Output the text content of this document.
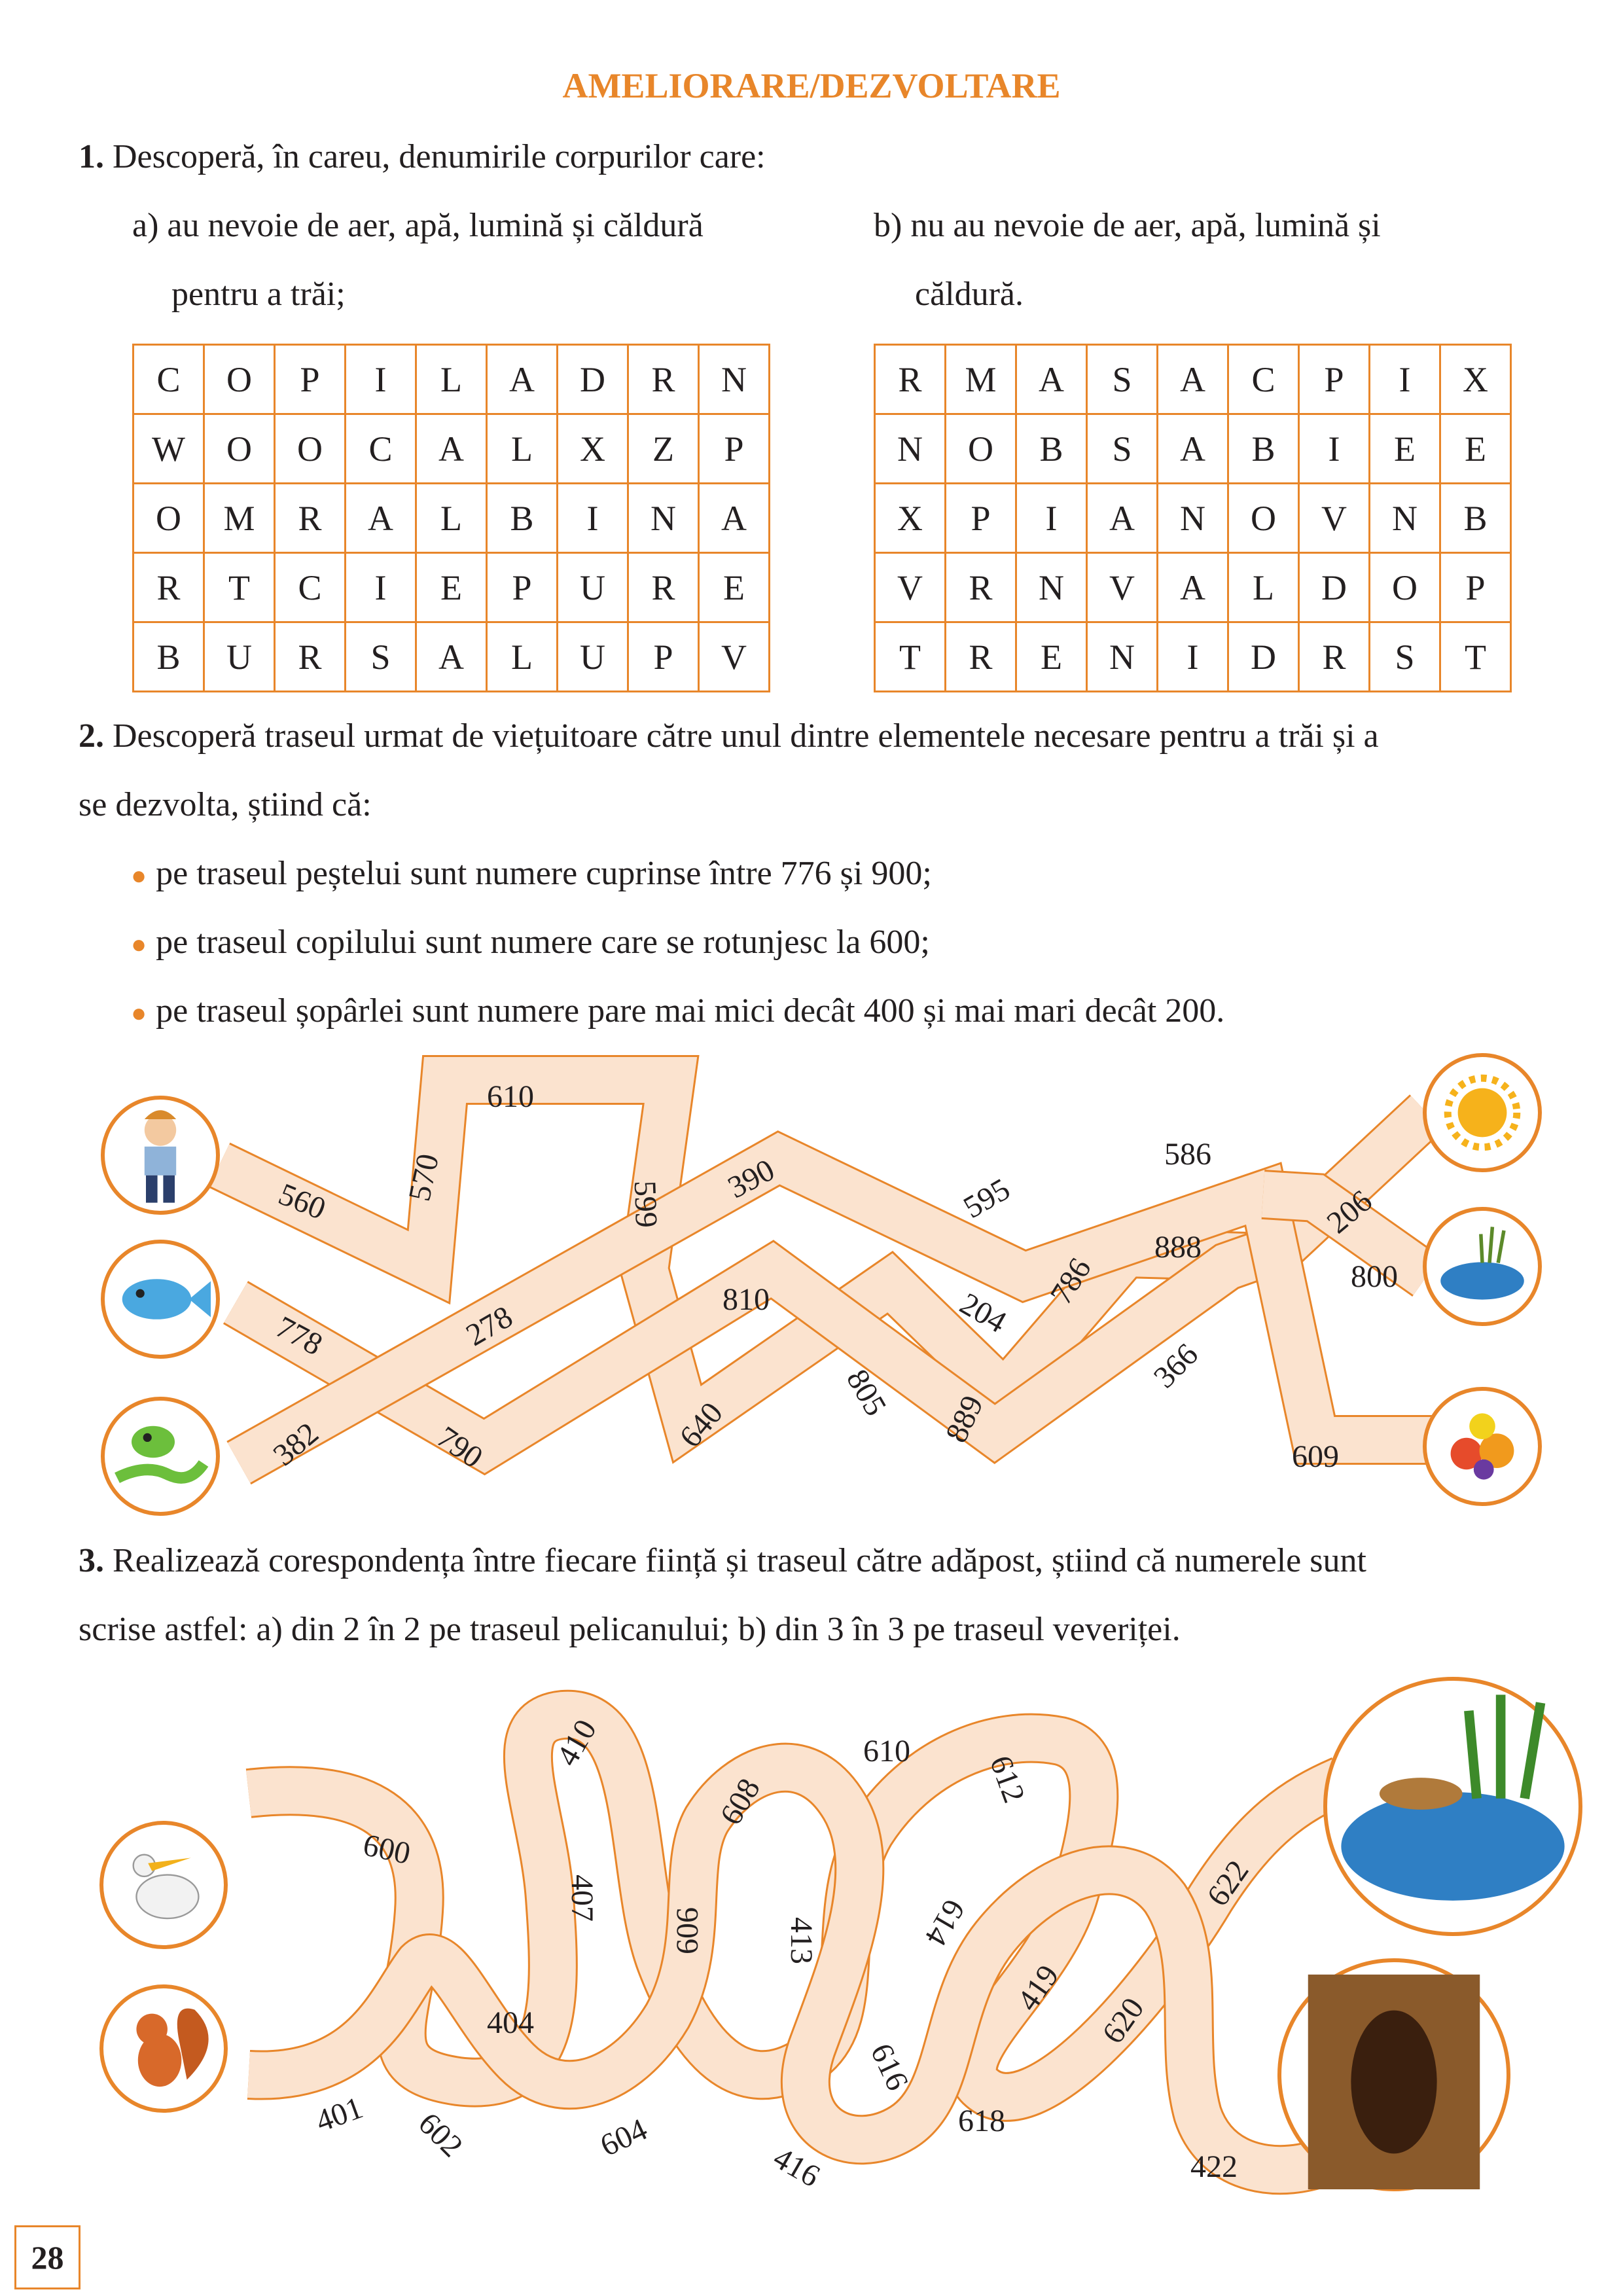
AMELIORARE/DEZVOLTARE
1. Descoperă, în careu, denumirile corpurilor care:
a) au nevoie de aer, apă, lumină și căldură
pentru a trăi;
b) nu au nevoie de aer, apă, lumină și
căldură.
C	O	P	I	L	A	D	R	N
W	O	O	C	A	L	X	Z	P
O	M	R	A	L	B	I	N	A
R	T	C	I	E	P	U	R	E
B	U	R	S	A	L	U	P	V
R	M	A	S	A	C	P	I	X
N	O	B	S	A	B	I	E	E
X	P	I	A	N	O	V	N	B
V	R	N	V	A	L	D	O	P
T	R	E	N	I	D	R	S	T
2. Descoperă traseul urmat de viețuitoare către unul dintre elementele necesare pentru a trăi și a
se dezvolta, știind că:
● pe traseul peștelui sunt numere cuprinse între 776 și 900;
● pe traseul copilului sunt numere care se rotunjesc la 600;
● pe traseul șopârlei sunt numere pare mai mici decât 400 și mai mari decât 200.
610
560 570
599 390	595
586
206
800
778	278	810	204
786
888
382	790	640
805 889
366
609
600
410	610
612
608
407
606	413	614
404
419
622
620
401 602	604
416
616
618
422
3. Realizează corespondența între fiecare ființă și traseul către adăpost, știind că numerele sunt
scrise astfel: a) din 2 în 2 pe traseul pelicanului; b) din 3 în 3 pe traseul veveriței.
28
